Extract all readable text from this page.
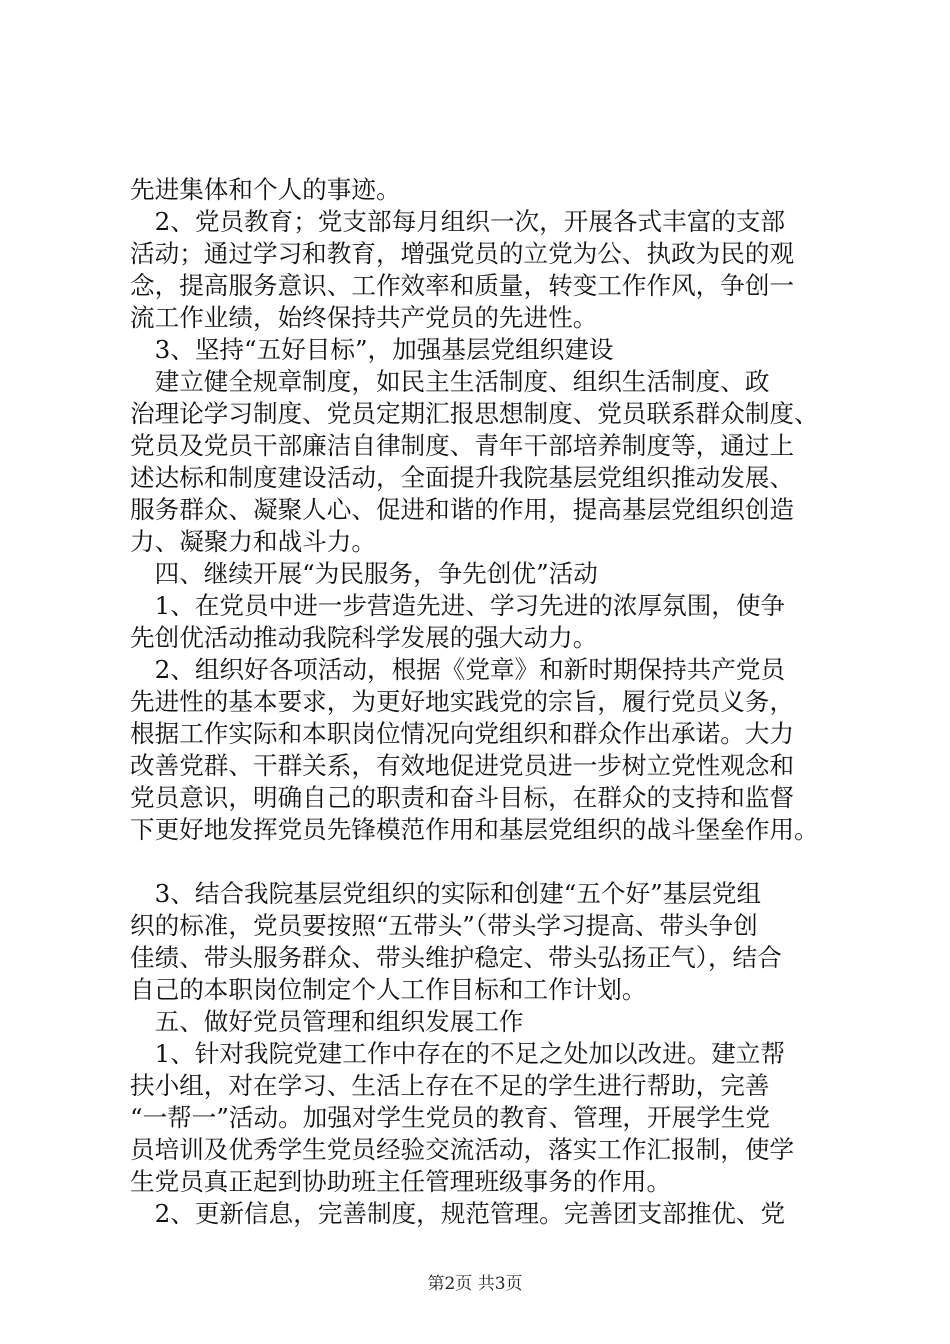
先进集体和个人的事迹。
　2、党员教育；党支部每月组织一次，开展各式丰富的支部
活动；通过学习和教育，增强党员的立党为公、执政为民的观
念，提高服务意识、工作效率和质量，转变工作作风，争创一
流工作业绩，始终保持共产党员的先进性。
　3、坚持“五好目标”，加强基层党组织建设
　建立健全规章制度，如民主生活制度、组织生活制度、政
治理论学习制度、党员定期汇报思想制度、党员联系群众制度、
党员及党员干部廉洁自律制度、青年干部培养制度等，通过上
述达标和制度建设活动，全面提升我院基层党组织推动发展、
服务群众、凝聚人心、促进和谐的作用，提高基层党组织创造
力、凝聚力和战斗力。
　四、继续开展“为民服务，争先创优”活动
　1、在党员中进一步营造先进、学习先进的浓厚氛围，使争
先创优活动推动我院科学发展的强大动力。
　2、组织好各项活动，根据《党章》和新时期保持共产党员
先进性的基本要求，为更好地实践党的宗旨，履行党员义务，
根据工作实际和本职岗位情况向党组织和群众作出承诺。大力
改善党群、干群关系，有效地促进党员进一步树立党性观念和
党员意识，明确自己的职责和奋斗目标，在群众的支持和监督
下更好地发挥党员先锋模范作用和基层党组织的战斗堡垒作用。
　3、结合我院基层党组织的实际和创建“五个好”基层党组
织的标准，党员要按照“五带头”（带头学习提高、带头争创
佳绩、带头服务群众、带头维护稳定、带头弘扬正气），结合
自己的本职岗位制定个人工作目标和工作计划。
　五、做好党员管理和组织发展工作
　1、针对我院党建工作中存在的不足之处加以改进。建立帮
扶小组，对在学习、生活上存在不足的学生进行帮助，完善
“一帮一”活动。加强对学生党员的教育、管理，开展学生党
员培训及优秀学生党员经验交流活动，落实工作汇报制，使学
生党员真正起到协助班主任管理班级事务的作用。
　2、更新信息，完善制度，规范管理。完善团支部推优、党
第2页 共3页
